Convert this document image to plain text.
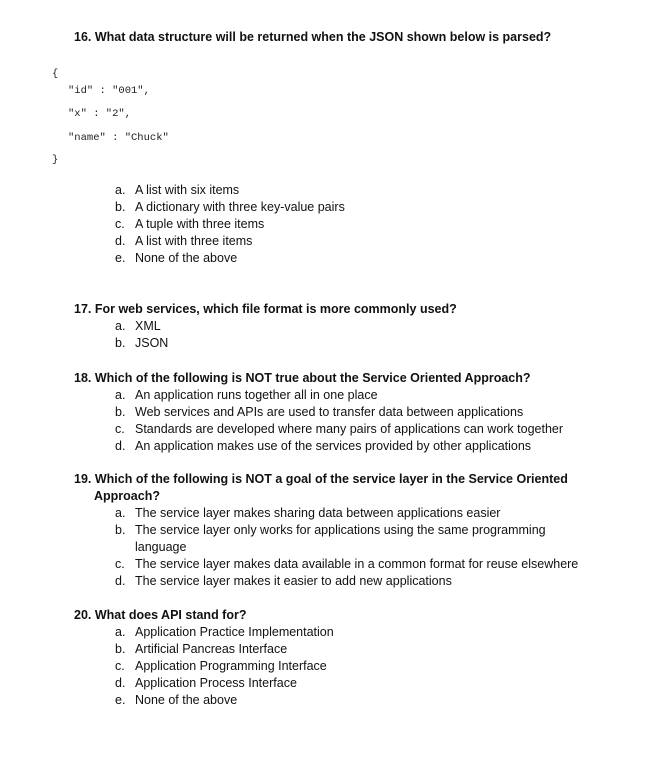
16. What data structure will be returned when the JSON shown below is parsed?
{
"id" : "001",
"x" : "2",
"name" : "Chuck"
}
a. A list with six items
b. A dictionary with three key-value pairs
c. A tuple with three items
d. A list with three items
e. None of the above
17. For web services, which file format is more commonly used?
a. XML
b. JSON
18. Which of the following is NOT true about the Service Oriented Approach?
a. An application runs together all in one place
b. Web services and APIs are used to transfer data between applications
c. Standards are developed where many pairs of applications can work together
d. An application makes use of the services provided by other applications
19. Which of the following is NOT a goal of the service layer in the Service Oriented Approach?
a. The service layer makes sharing data between applications easier
b. The service layer only works for applications using the same programming language
c. The service layer makes data available in a common format for reuse elsewhere
d. The service layer makes it easier to add new applications
20. What does API stand for?
a. Application Practice Implementation
b. Artificial Pancreas Interface
c. Application Programming Interface
d. Application Process Interface
e. None of the above
